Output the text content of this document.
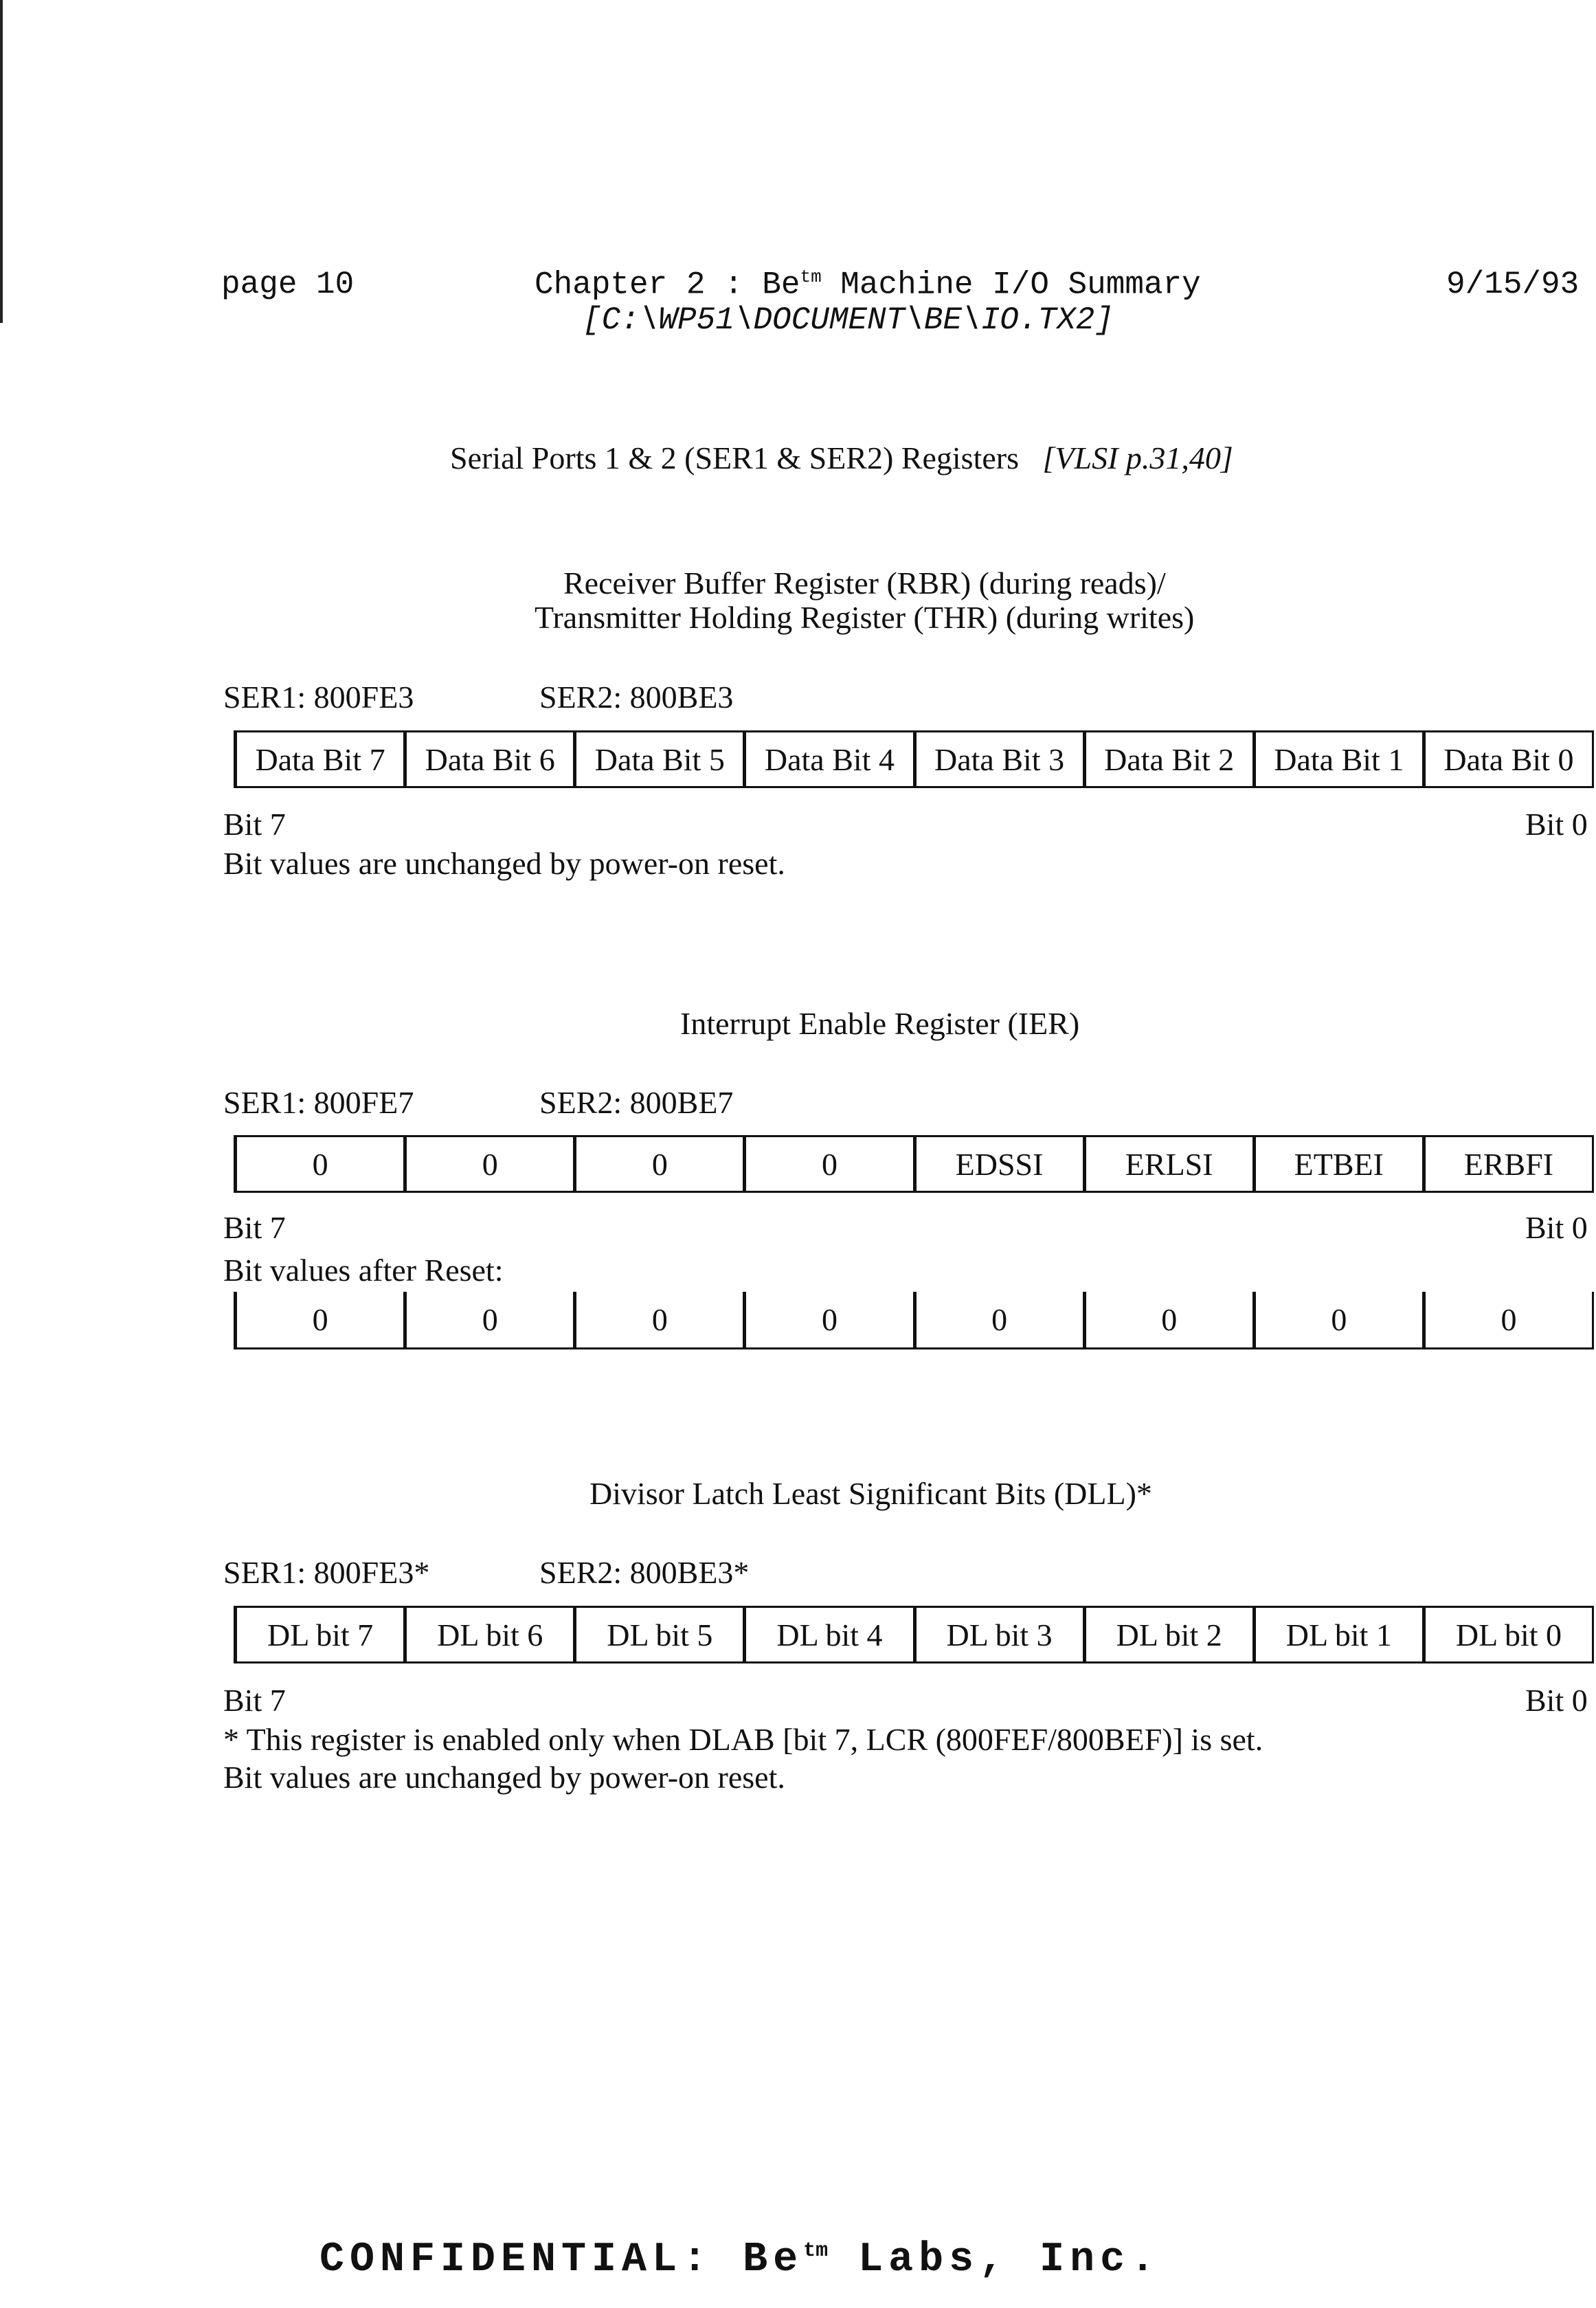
page 10	Chapter 2 : $Be^{tm}$ Machine I/O Summary	9/15/93
[C:\WP51\DOCUMENT\BE\IO.TX2]
Serial Ports 1 & 2 (SER1 & SER2) Registers [VLSI p.31,40]
Receiver Buffer Register (RBR) (during reads)/
Transmitter Holding Register (THR) (during writes)
SER1: 800FE3	SER2: 800BE3
Data Bit 7	Data Bit 6	Data Bit 5	Data Bit 4	Data Bit 3	Data Bit 2	Data Bit 1	Data Bit 0
Bit 7	Bit 0
Bit values are unchanged by power-on reset.
Interrupt Enable Register (IER)
SER1: 800FE7	SER2: 800BE7
0	0	0	0	EDSSI	ERLSI	ETBEI	ERBFI
Bit 7	Bit 0
Bit values after Reset:
0	0	0	0	0	0	0	0
Divisor Latch Least Significant Bits (DLL)*
SER1: 800FE3*	SER2: 800BE3*
DL bit 7	DL bit 6	DL bit 5	DL bit 4	DL bit 3	DL bit 2	DL bit 1	DL bit 0
Bit 7	Bit 0
* This register is enabled only when DLAB [bit 7, LCR (800FEF/800BEF)] is set.
Bit values are unchanged by power-on reset.
CONFIDENTIAL: $Be^{tm}$ Labs, Inc.
